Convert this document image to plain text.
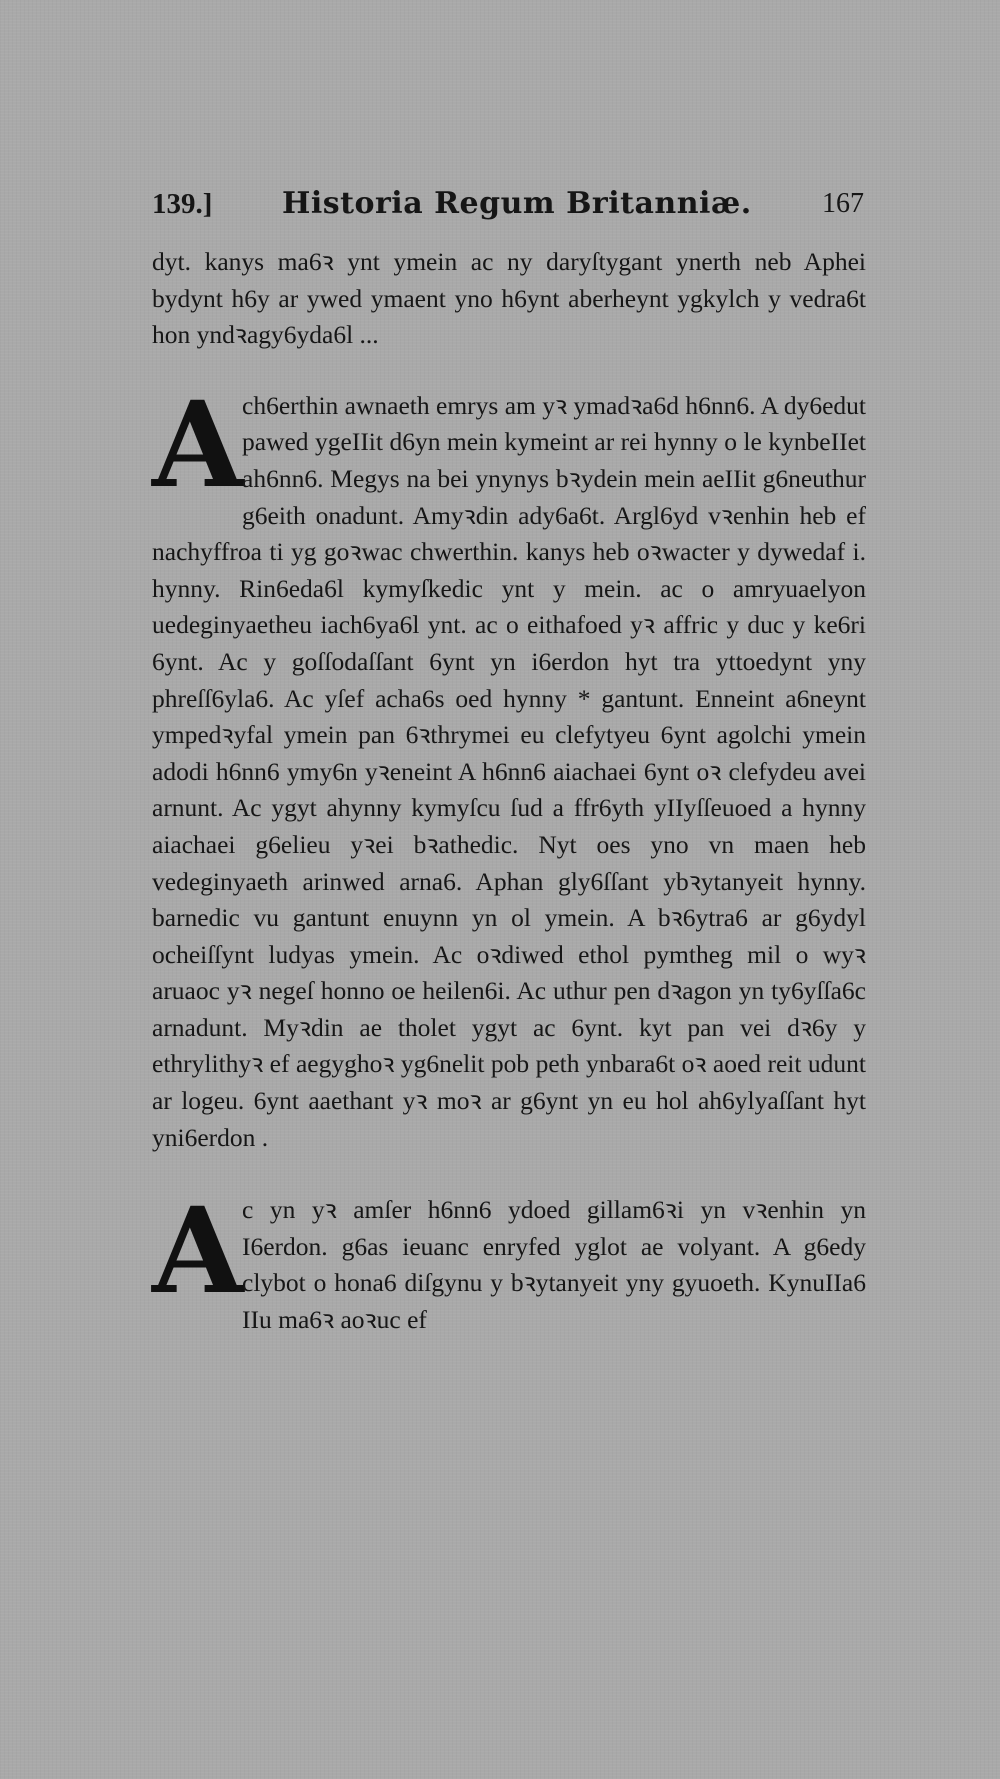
139.] Historia Regum Britanniæ.	167

dyt. kanys ma6ꝛ ynt ymein ac ny daryſtygant ynerth neb Aphei bydynt h6y ar ywed ymaent yno h6ynt aberheynt ygkylch y vedra6t hon yndꝛagy6yda6l ...

A
ch6erthin awnaeth emrys am yꝛ ymadꝛa6d h6nn6. A dy6edut pawed ygeIIit d6yn mein kymeint ar rei hynny o le kynbeIIet ah6nn6. Megys na bei ynynys bꝛydein mein aeIIit g6neuthur g6eith onadunt. Amyꝛdin ady6a6t. Argl6yd vꝛenhin heb ef nachyffroa ti yg goꝛwac chwerthin. kanys heb oꝛwacter y dywedaf i. hynny. Rin6eda6l kymyſkedic ynt y mein. ac o amryuaelyon uedeginyaetheu iach6ya6l ynt. ac o eithafoed yꝛ affric y duc y ke6ri 6ynt. Ac y goſſodaſſant 6ynt yn i6erdon hyt tra yttoedynt yny phreſſ6yla6. Ac yſef acha6s oed hynny * gantunt. Enneint a6neynt ympedꝛyfal ymein pan 6ꝛthrymei eu clefytyeu 6ynt agolchi ymein adodi h6nn6 ymy6n yꝛeneint A h6nn6 aiachaei 6ynt oꝛ clefydeu avei arnunt. Ac ygyt ahynny kymyſcu ſud a ffr6yth yIIyſſeuoed a hynny aiachaei g6elieu yꝛei bꝛathedic. Nyt oes yno vn maen heb vedeginyaeth arinwed arna6. Aphan gly6ſſant ybꝛytanyeit hynny. barnedic vu gantunt enuynn yn ol ymein. A bꝛ6ytra6 ar g6ydyl ocheiſſynt ludyas ymein. Ac oꝛdiwed ethol pymtheg mil o wyꝛ aruaoc yꝛ negeſ honno oe heilen6i. Ac uthur pen dꝛagon yn ty6yſſa6c arnadunt. Myꝛdin ae tholet ygyt ac 6ynt. kyt pan vei dꝛ6y y ethrylithyꝛ ef aegyghoꝛ yg6nelit pob peth ynbara6t oꝛ aoed reit udunt ar logeu. 6ynt aaethant yꝛ moꝛ ar g6ynt yn eu hol ah6ylyaſſant hyt yni6erdon .

A
c yn yꝛ amſer h6nn6 ydoed gillam6ꝛi yn vꝛenhin yn I6erdon. g6as ieuanc enryfed yglot ae volyant. A g6edy clybot o hona6 diſgynu y bꝛytanyeit yny gyuoeth. KynuIIa6 IIu ma6ꝛ aoꝛuc ef
